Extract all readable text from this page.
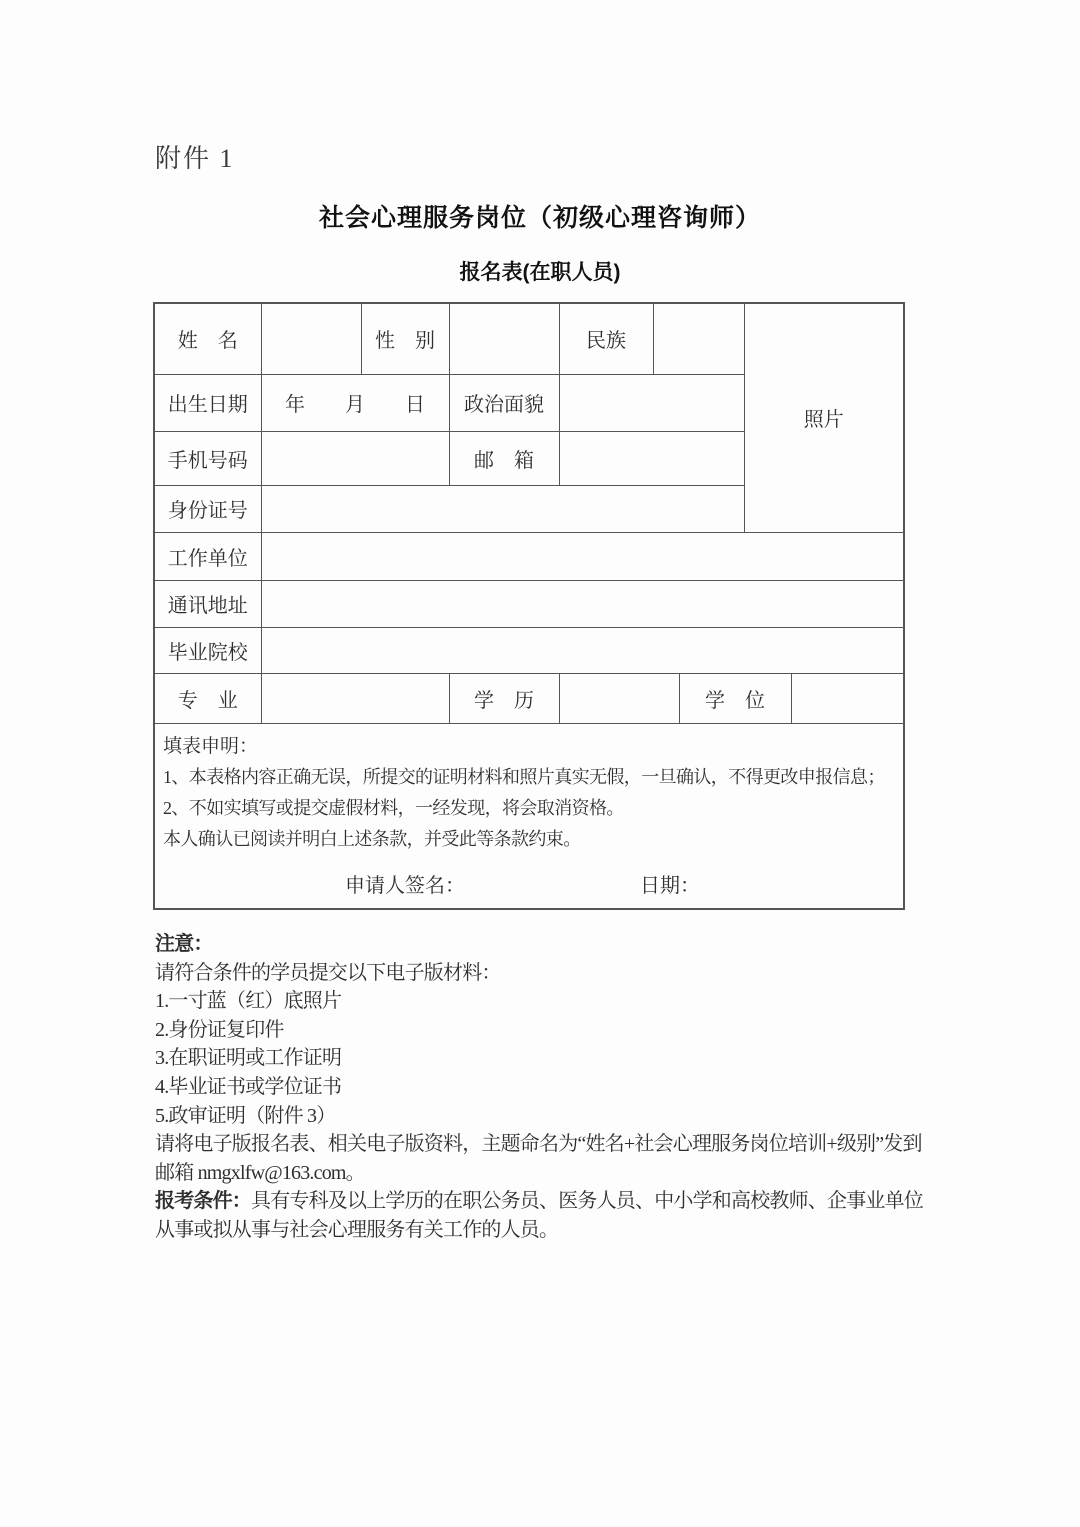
附件 1
社会心理服务岗位（初级心理咨询师）
报名表(在职人员)
姓　名		性　别		民族			照片	
出生日期	年　　月　　日		政治面貌					
手机号码			邮　箱					
身份证号								
工作单位								
通讯地址								
毕业院校								
专　业			学　历			学　位		

填表申明：
1、本表格内容正确无误，所提交的证明材料和照片真实无假，一旦确认，不得更改申报信息；
2、不如实填写或提交虚假材料，一经发现，将会取消资格。
本人确认已阅读并明白上述条款，并受此等条款约束。
申请人签名： 日期：								
注意：
请符合条件的学员提交以下电子版材料：
1.一寸蓝（红）底照片
2.身份证复印件
3.在职证明或工作证明
4.毕业证书或学位证书
5.政审证明（附件 3）
请将电子版报名表、相关电子版资料，主题命名为“姓名+社会心理服务岗位培训+级别”发到邮箱 nmgxlfw@163.com。
报考条件：具有专科及以上学历的在职公务员、医务人员、中小学和高校教师、企事业单位从事或拟从事与社会心理服务有关工作的人员。
